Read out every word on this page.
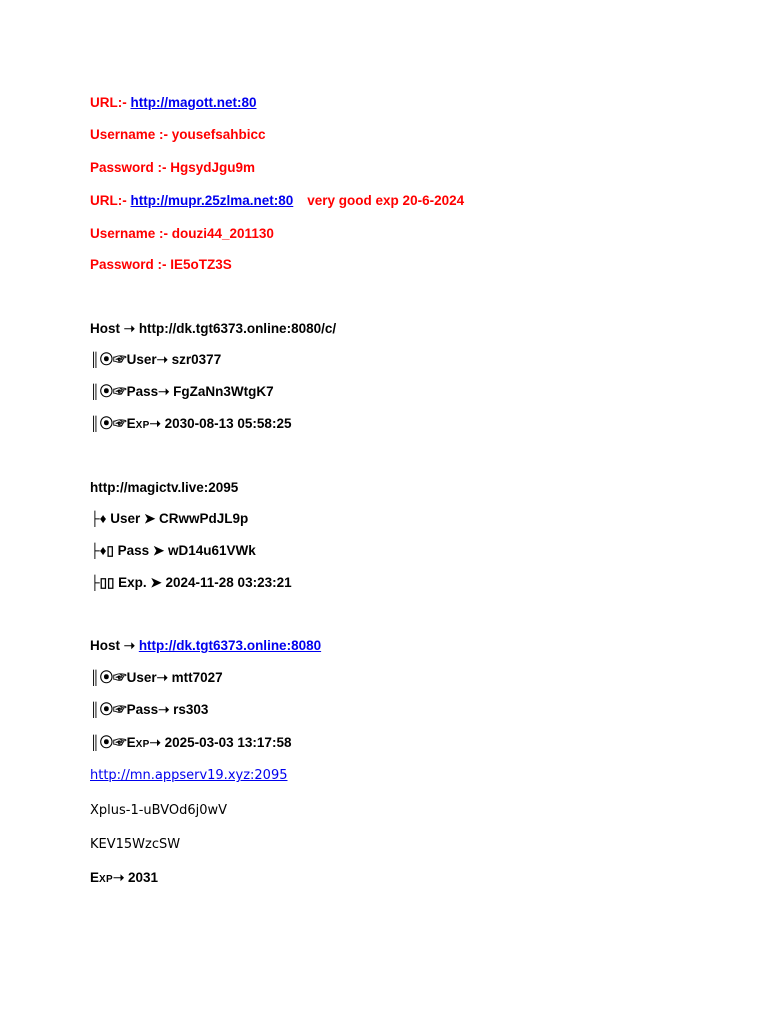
URL:- http://magott.net:80
Username :- yousefsahbicc
Password :- HgsydJgu9m
URL:- http://mupr.25zlma.net:80 very good exp 20-6-2024
Username :- douzi44_201130
Password :- IE5oTZ3S
Host ➝ http://dk.tgt6373.online:8080/c/
║⦿☞User➝ szr0377
║⦿☞Pass➝ FgZaNn3WtgK7
║⦿☞EXP➝ 2030-08-13 05:58:25
http://magictv.live:2095
├♦ User ➤ CRwwPdJL9p
├♦▯ Pass ➤ wD14u61VWk
├▯▯ Exp. ➤ 2024-11-28 03:23:21
Host ➝ http://dk.tgt6373.online:8080
║⦿☞User➝ mtt7027
║⦿☞Pass➝ rs303
║⦿☞EXP➝ 2025-03-03 13:17:58
http://mn.appserv19.xyz:2095
Xplus-1-uBVOd6j0wV
KEV15WzcSW
EXP➝ 2031
